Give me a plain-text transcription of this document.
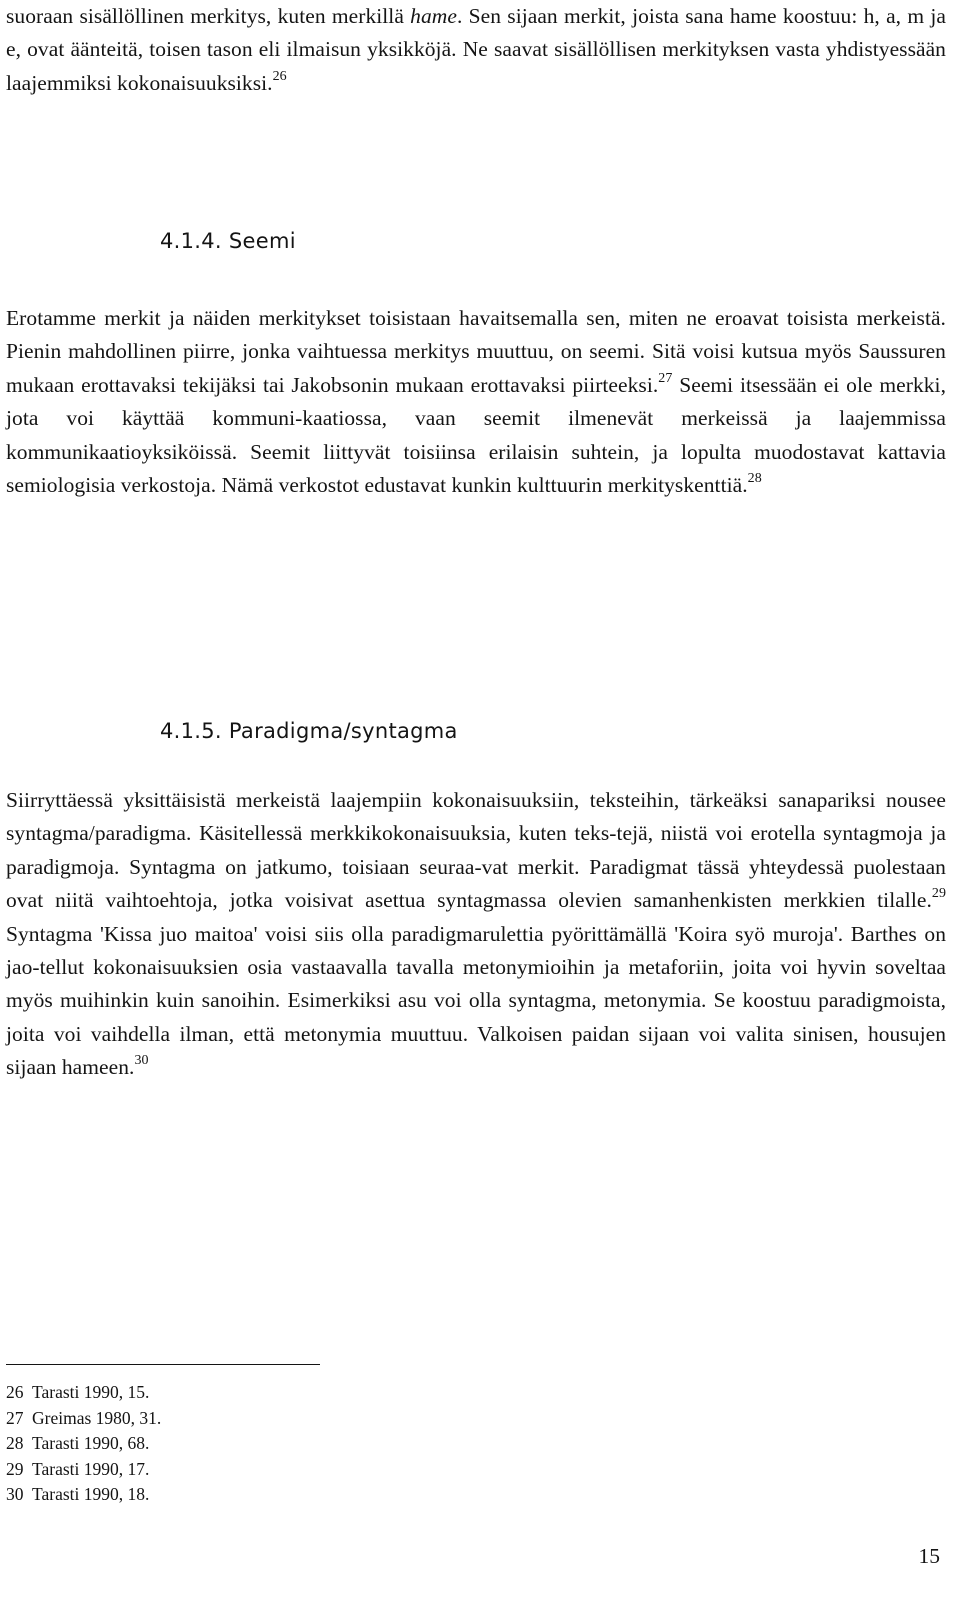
suoraan sisällöllinen merkitys, kuten merkillä hame. Sen sijaan merkit, joista sana hame koostuu: h, a, m ja e, ovat äänteitä, toisen tason eli ilmaisun yksikköjä. Ne saavat sisällöllisen merkityksen vasta yhdistyessään laajemmiksi kokonaisuuksiksi.$^{26}$

4.1.4. Seemi

Erotamme merkit ja näiden merkitykset toisistaan havaitsemalla sen, miten ne eroavat toisista merkeistä. Pienin mahdollinen piirre, jonka vaihtuessa merkitys muuttuu, on seemi. Sitä voisi kutsua myös Saussuren mukaan erottavaksi tekijäksi tai Jakobsonin mukaan erottavaksi piirteeksi.$^{27}$ Seemi itsessään ei ole merkki, jota voi käyttää kommuni-kaatiossa, vaan seemit ilmenevät merkeissä ja laajemmissa kommunikaatioyksiköissä. Seemit liittyvät toisiinsa erilaisin suhtein, ja lopulta muodostavat kattavia semiologisia verkostoja. Nämä verkostot edustavat kunkin kulttuurin merkityskenttiä.$^{28}$

4.1.5. Paradigma/syntagma

Siirryttäessä yksittäisistä merkeistä laajempiin kokonaisuuksiin, teksteihin, tärkeäksi sanapariksi nousee syntagma/paradigma. Käsitellessä merkkikokonaisuuksia, kuten teks-tejä, niistä voi erotella syntagmoja ja paradigmoja. Syntagma on jatkumo, toisiaan seuraa-vat merkit. Paradigmat tässä yhteydessä puolestaan ovat niitä vaihtoehtoja, jotka voisivat asettua syntagmassa olevien samanhenkisten merkkien tilalle.$^{29}$ Syntagma 'Kissa juo maitoa' voisi siis olla paradigmarulettia pyörittämällä 'Koira syö muroja'. Barthes on jao-tellut kokonaisuuksien osia vastaavalla tavalla metonymioihin ja metaforiin, joita voi hyvin soveltaa myös muihinkin kuin sanoihin. Esimerkiksi asu voi olla syntagma, metonymia. Se koostuu paradigmoista, joita voi vaihdella ilman, että metonymia muuttuu. Valkoisen paidan sijaan voi valita sinisen, housujen sijaan hameen.$^{30}$

26 Tarasti 1990, 15.
27 Greimas 1980, 31.
28 Tarasti 1990, 68.
29 Tarasti 1990, 17.
30 Tarasti 1990, 18.
15
